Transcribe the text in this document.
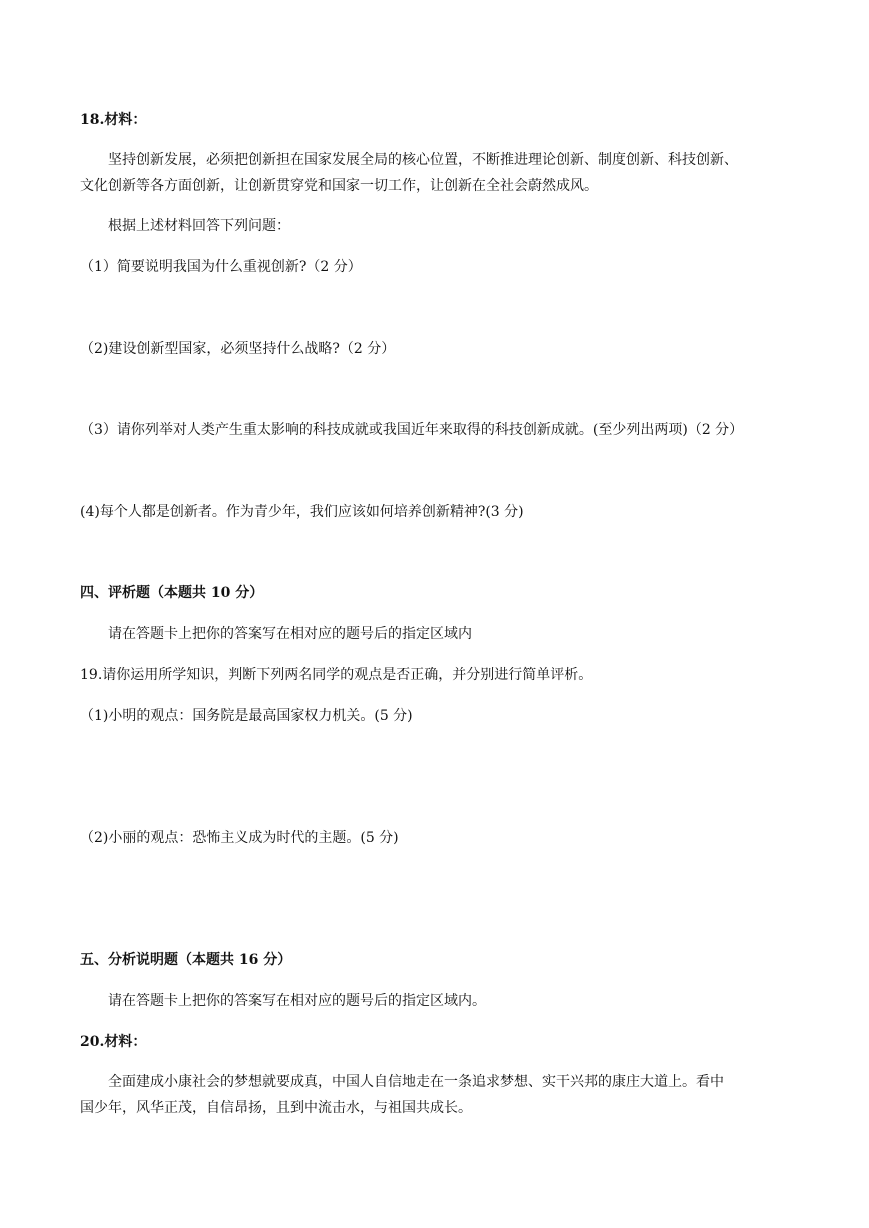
18.材料：
坚持创新发展，必须把创新担在国家发展全局的核心位置，不断推进理论创新、制度创新、科技创新、
文化创新等各方面创新，让创新贯穿党和国家一切工作，让创新在全社会蔚然成风。
根据上述材料回答下列问题：
（1）简要说明我国为什么重视创新?（2 分）
（2)建设创新型国家，必须坚持什么战略?（2 分）
（3）请你列举对人类产生重太影响的科技成就或我国近年来取得的科技创新成就。(至少列出两项)（2 分）
(4)每个人都是创新者。作为青少年，我们应该如何培养创新精神?(3 分)
四、评析题（本题共 10 分）
请在答题卡上把你的答案写在相对应的题号后的指定区域内
19.请你运用所学知识，判断下列两名同学的观点是否正确，并分别进行简单评析。
（1)小明的观点：国务院是最高国家权力机关。(5 分)
（2)小丽的观点：恐怖主义成为时代的主题。(5 分)
五、分析说明题（本题共 16 分）
请在答题卡上把你的答案写在相对应的题号后的指定区域内。
20.材料：
全面建成小康社会的梦想就要成真，中国人自信地走在一条追求梦想、实干兴邦的康庄大道上。看中
国少年，风华正茂，自信昂扬，且到中流击水，与祖国共成长。
